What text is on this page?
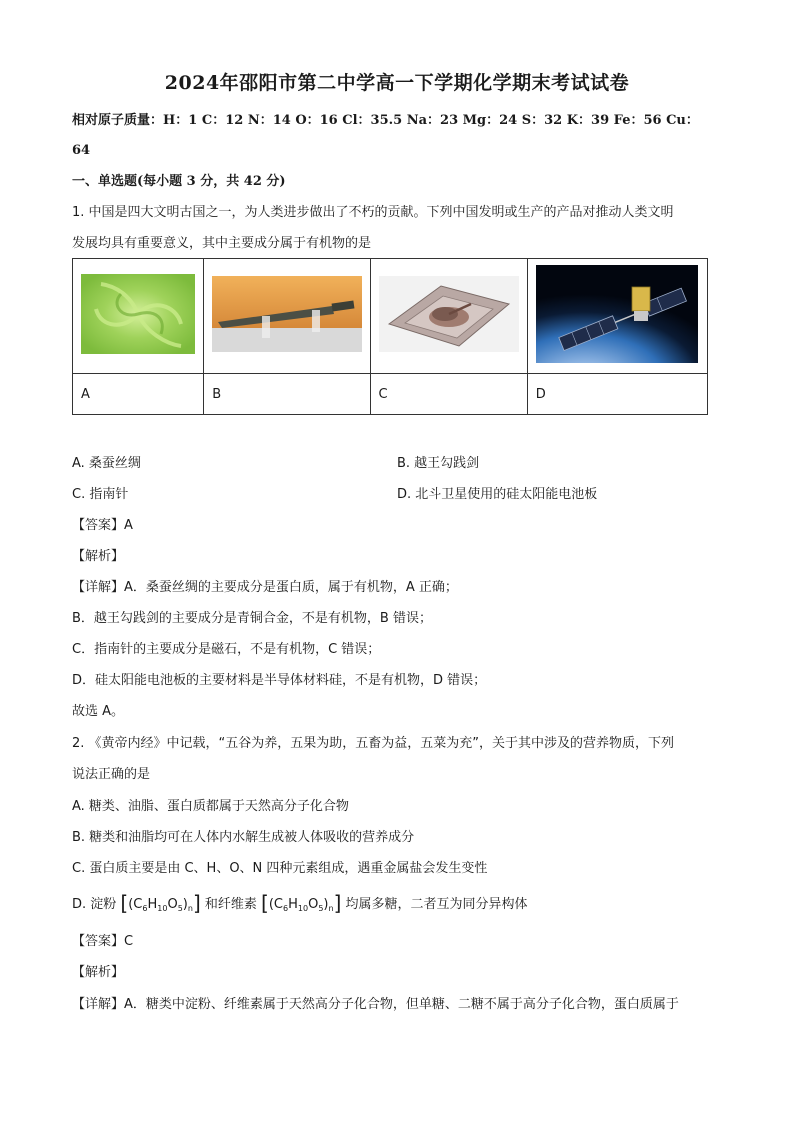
2024年邵阳市第二中学高一下学期化学期末考试试卷
相对原子质量：H：1 C：12 N：14 O：16 Cl：35.5 Na：23 Mg：24 S：32 K：39 Fe：56 Cu：
64
一、单选题(每小题 3 分，共 42 分)
1. 中国是四大文明古国之一，为人类进步做出了不朽的贡献。下列中国发明或生产的产品对推动人类文明
发展均具有重要意义，其中主要成分属于有机物的是

A	B	C	D
A. 桑蚕丝绸	B. 越王勾践剑
C. 指南针	D. 北斗卫星使用的硅太阳能电池板
【答案】A
【解析】
【详解】A．桑蚕丝绸的主要成分是蛋白质，属于有机物，A 正确；
B．越王勾践剑的主要成分是青铜合金，不是有机物，B 错误；
C．指南针的主要成分是磁石，不是有机物，C 错误；
D．硅太阳能电池板的主要材料是半导体材料硅，不是有机物，D 错误；
故选 A。
2. 《黄帝内经》中记载，“五谷为养，五果为助，五畜为益，五菜为充”，关于其中涉及的营养物质，下列
说法正确的是
A. 糖类、油脂、蛋白质都属于天然高分子化合物
B. 糖类和油脂均可在人体内水解生成被人体吸收的营养成分
C. 蛋白质主要是由 C、H、O、N 四种元素组成，遇重金属盐会发生变性
D. 淀粉 $[(C_6H_{10}O_5)_n]$ 和纤维素 $[(C_6H_{10}O_5)_n]$ 均属多糖，二者互为同分异构体
【答案】C
【解析】
【详解】A．糖类中淀粉、纤维素属于天然高分子化合物，但单糖、二糖不属于高分子化合物，蛋白质属于
